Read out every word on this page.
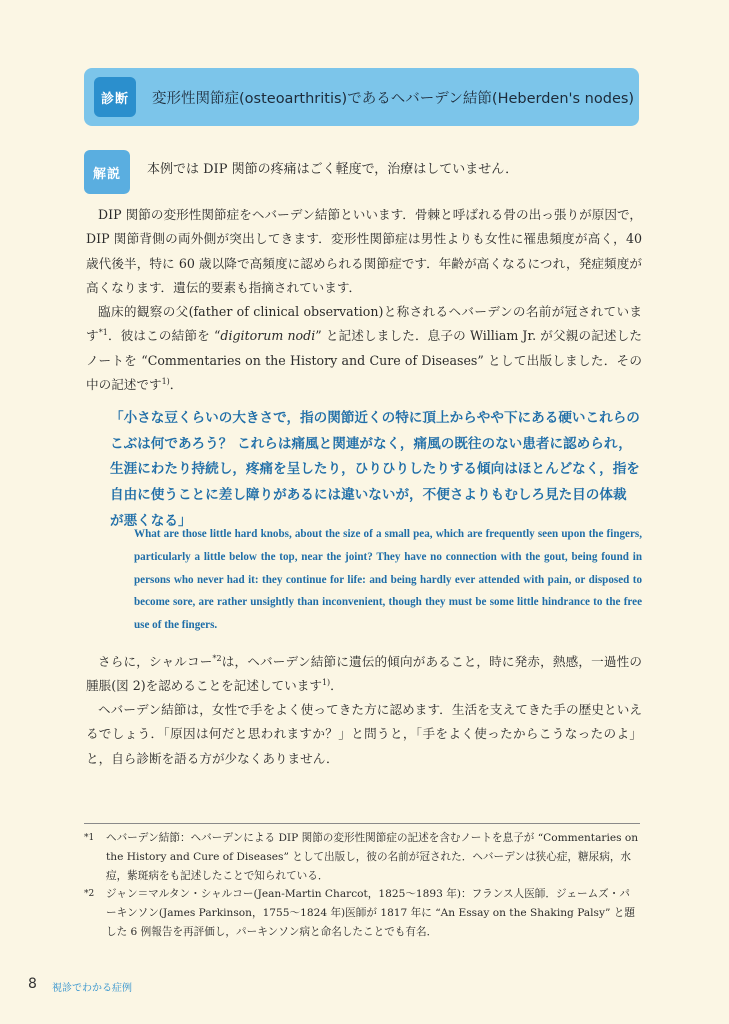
診断	変形性関節症(osteoarthritis)であるヘバーデン結節(Heberden's nodes)
解説	本例では DIP 関節の疼痛はごく軽度で，治療はしていません．

DIP 関節の変形性関節症をヘバーデン結節といいます．骨棘と呼ばれる骨の出っ張りが原因で，DIP 関節背側の両外側が突出してきます．変形性関節症は男性よりも女性に罹患頻度が高く，40 歳代後半，特に 60 歳以降で高頻度に認められる関節症です．年齢が高くなるにつれ，発症頻度が高くなります．遺伝的要素も指摘されています．

臨床的観察の父(father of clinical observation)と称されるヘバーデンの名前が冠されています$^{*1}$．彼はこの結節を “digitorum nodi” と記述しました．息子の William Jr. が父親の記述したノートを “Commentaries on the History and Cure of Diseases” として出版しました．その中の記述です$^{1)}$．

「小さな豆くらいの大きさで，指の関節近くの特に頂上からやや下にある硬いこれらのこぶは何であろう？ これらは痛風と関連がなく，痛風の既往のない患者に認められ，生涯にわたり持続し，疼痛を呈したり，ひりひりしたりする傾向はほとんどなく，指を自由に使うことに差し障りがあるには違いないが，不便さよりもむしろ見た目の体裁が悪くなる」
What are those little hard knobs, about the size of a small pea, which are frequently seen upon the fingers, particularly a little below the top, near the joint? They have no connection with the gout, being found in persons who never had it: they continue for life: and being hardly ever attended with pain, or disposed to become sore, are rather unsightly than inconvenient, though they must be some little hindrance to the free use of the fingers.

さらに，シャルコー$^{*2}$は，ヘバーデン結節に遺伝的傾向があること，時に発赤，熱感，一過性の腫脹(図 2)を認めることを記述しています$^{1)}$．

ヘバーデン結節は，女性で手をよく使ってきた方に認めます．生活を支えてきた手の歴史といえるでしょう．「原因は何だと思われますか？」と問うと，「手をよく使ったからこうなったのよ」と，自ら診断を語る方が少なくありません．

*1	ヘバーデン結節：ヘバーデンによる DIP 関節の変形性関節症の記述を含むノートを息子が “Commentaries on the History and Cure of Diseases” として出版し，彼の名前が冠された．ヘバーデンは狭心症，糖尿病，水痘，紫斑病をも記述したことで知られている．
*2	ジャン＝マルタン・シャルコー(Jean-Martin Charcot，1825〜1893 年)：フランス人医師．ジェームズ・パーキンソン(James Parkinson，1755〜1824 年)医師が 1817 年に “An Essay on the Shaking Palsy” と題した 6 例報告を再評価し，パーキンソン病と命名したことでも有名．
8 視診でわかる症例
